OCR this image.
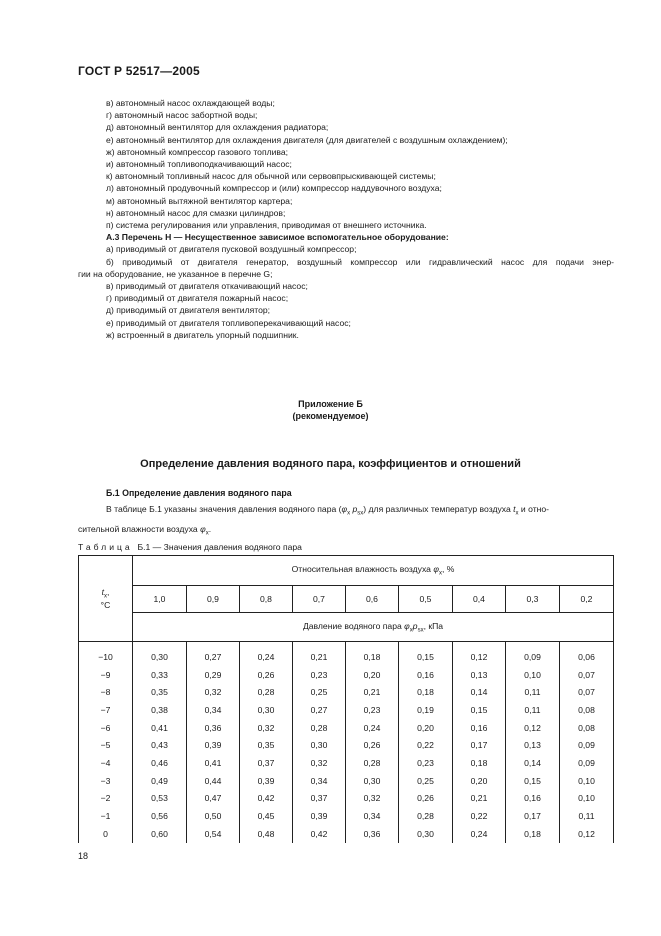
ГОСТ Р 52517—2005
в) автономный насос охлаждающей воды;
г) автономный насос забортной воды;
д) автономный вентилятор для охлаждения радиатора;
е) автономный вентилятор для охлаждения двигателя (для двигателей с воздушным охлаждением);
ж) автономный компрессор газового топлива;
и) автономный топливоподкачивающий насос;
к) автономный топливный насос для обычной или сервовпрыскивающей системы;
л) автономный продувочный компрессор и (или) компрессор наддувочного воздуха;
м) автономный вытяжной вентилятор картера;
н) автономный насос для смазки цилиндров;
п) система регулирования или управления, приводимая от внешнего источника.
А.3 Перечень Н — Несущественное зависимое вспомогательное оборудование:
а) приводимый от двигателя пусковой воздушный компрессор;
б) приводимый от двигателя генератор, воздушный компрессор или гидравлический насос для подачи энер-
гии на оборудование, не указанное в перечне G;
в) приводимый от двигателя откачивающий насос;
г) приводимый от двигателя пожарный насос;
д) приводимый от двигателя вентилятор;
е) приводимый от двигателя топливоперекачивающий насос;
ж) встроенный в двигатель упорный подшипник.
Приложение Б
(рекомендуемое)
Определение давления водяного пара, коэффициентов и отношений
Б.1 Определение давления водяного пара
В таблице Б.1 указаны значения давления водяного пара ($\varphi_x$ $p_{sx}$) для различных температур воздуха $t_x$ и отно-
сительной влажности воздуха $\varphi_x$.
Таблица Б.1 — Значения давления водяного пара
$t_x$,
°C	Относительная влажность воздуха $\varphi_x$, %								
	1,0	0,9	0,8	0,7	0,6	0,5	0,4	0,3	0,2
	Давление водяного пара $\varphi_xp_{sx}$, кПа								

−10	0,30	0,27	0,24	0,21	0,18	0,15	0,12	0,09	0,06
−9	0,33	0,29	0,26	0,23	0,20	0,16	0,13	0,10	0,07
−8	0,35	0,32	0,28	0,25	0,21	0,18	0,14	0,11	0,07
−7	0,38	0,34	0,30	0,27	0,23	0,19	0,15	0,11	0,08
−6	0,41	0,36	0,32	0,28	0,24	0,20	0,16	0,12	0,08
−5	0,43	0,39	0,35	0,30	0,26	0,22	0,17	0,13	0,09
−4	0,46	0,41	0,37	0,32	0,28	0,23	0,18	0,14	0,09
−3	0,49	0,44	0,39	0,34	0,30	0,25	0,20	0,15	0,10
−2	0,53	0,47	0,42	0,37	0,32	0,26	0,21	0,16	0,10
−1	0,56	0,50	0,45	0,39	0,34	0,28	0,22	0,17	0,11
0	0,60	0,54	0,48	0,42	0,36	0,30	0,24	0,18	0,12
18
